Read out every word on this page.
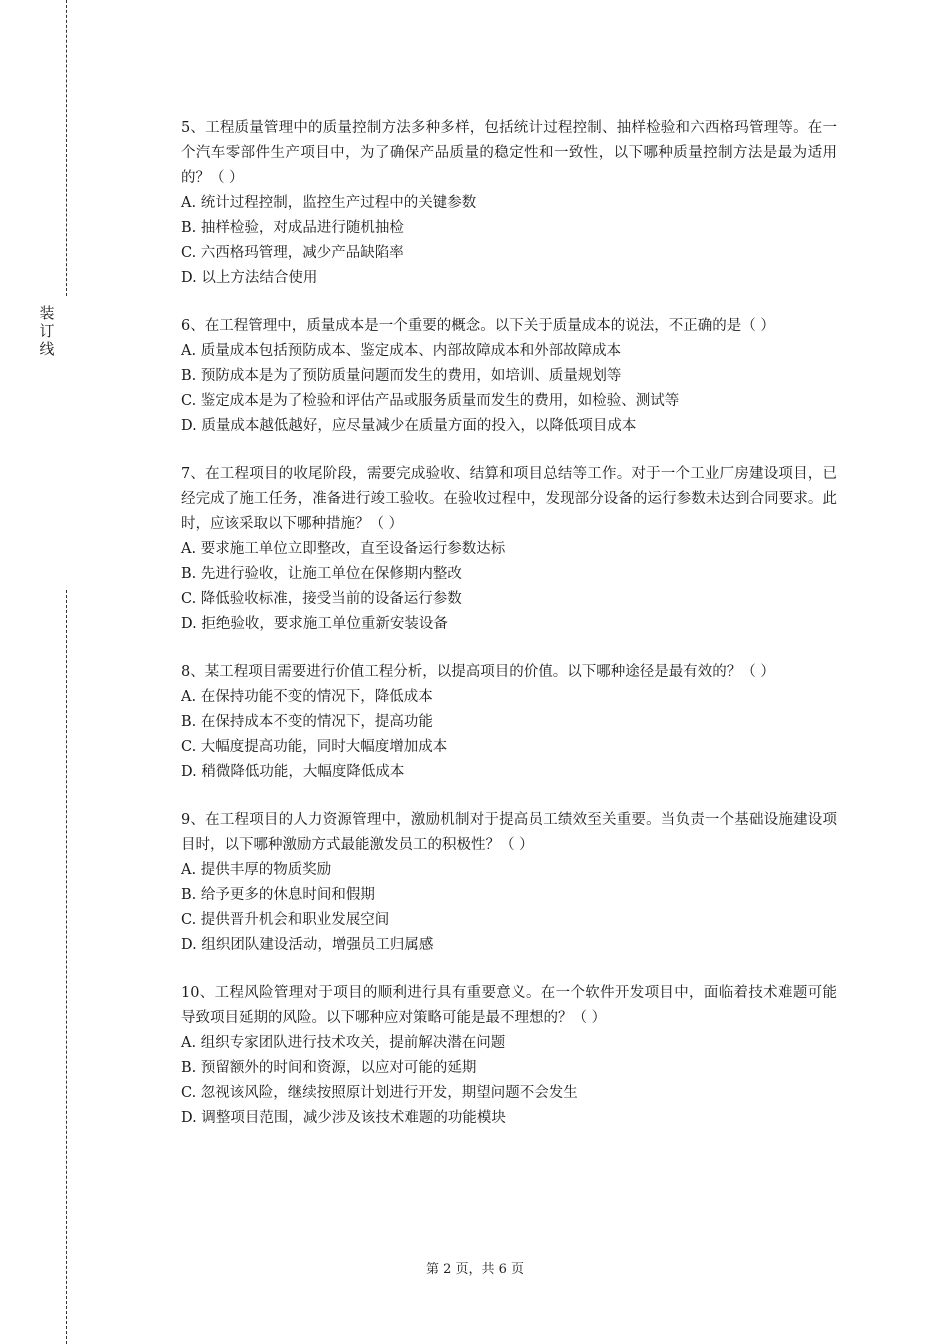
装订线
5、工程质量管理中的质量控制方法多种多样，包括统计过程控制、抽样检验和六西格玛管理等。在一个汽车零部件生产项目中，为了确保产品质量的稳定性和一致性，以下哪种质量控制方法是最为适用的？（ ）
A. 统计过程控制，监控生产过程中的关键参数
B. 抽样检验，对成品进行随机抽检
C. 六西格玛管理，减少产品缺陷率
D. 以上方法结合使用
6、在工程管理中，质量成本是一个重要的概念。以下关于质量成本的说法，不正确的是（ ）
A. 质量成本包括预防成本、鉴定成本、内部故障成本和外部故障成本
B. 预防成本是为了预防质量问题而发生的费用，如培训、质量规划等
C. 鉴定成本是为了检验和评估产品或服务质量而发生的费用，如检验、测试等
D. 质量成本越低越好，应尽量减少在质量方面的投入，以降低项目成本
7、在工程项目的收尾阶段，需要完成验收、结算和项目总结等工作。对于一个工业厂房建设项目，已经完成了施工任务，准备进行竣工验收。在验收过程中，发现部分设备的运行参数未达到合同要求。此时，应该采取以下哪种措施？（ ）
A. 要求施工单位立即整改，直至设备运行参数达标
B. 先进行验收，让施工单位在保修期内整改
C. 降低验收标准，接受当前的设备运行参数
D. 拒绝验收，要求施工单位重新安装设备
8、某工程项目需要进行价值工程分析，以提高项目的价值。以下哪种途径是最有效的？（ ）
A. 在保持功能不变的情况下，降低成本
B. 在保持成本不变的情况下，提高功能
C. 大幅度提高功能，同时大幅度增加成本
D. 稍微降低功能，大幅度降低成本
9、在工程项目的人力资源管理中，激励机制对于提高员工绩效至关重要。当负责一个基础设施建设项目时，以下哪种激励方式最能激发员工的积极性？（ ）
A. 提供丰厚的物质奖励
B. 给予更多的休息时间和假期
C. 提供晋升机会和职业发展空间
D. 组织团队建设活动，增强员工归属感
10、工程风险管理对于项目的顺利进行具有重要意义。在一个软件开发项目中，面临着技术难题可能导致项目延期的风险。以下哪种应对策略可能是最不理想的？（ ）
A. 组织专家团队进行技术攻关，提前解决潜在问题
B. 预留额外的时间和资源，以应对可能的延期
C. 忽视该风险，继续按照原计划进行开发，期望问题不会发生
D. 调整项目范围，减少涉及该技术难题的功能模块
第 2 页，共 6 页
